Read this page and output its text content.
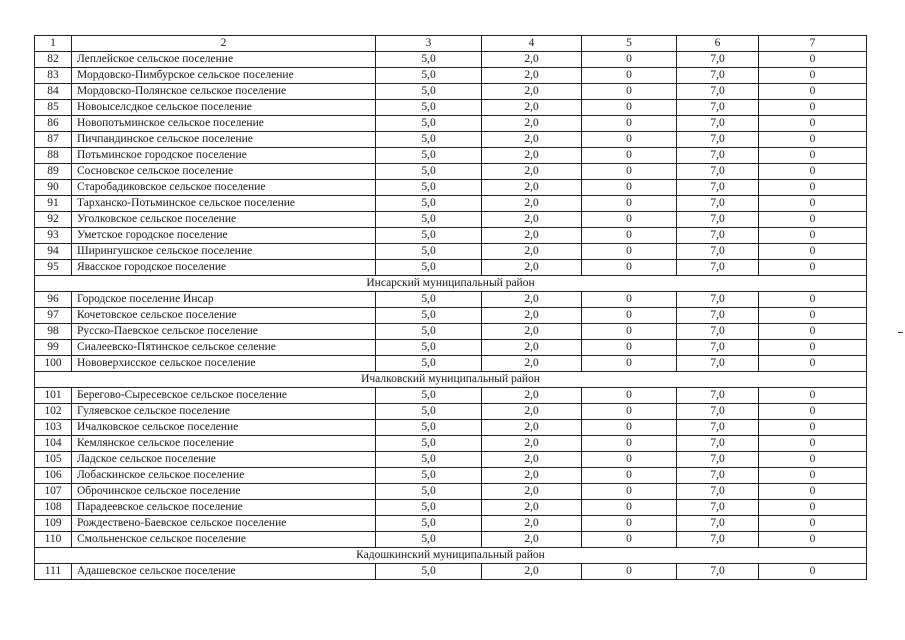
1	2	3	4	5	6	7
82	Леплейское сельское поселение	5,0	2,0	0	7,0	0
83	Мордовско-Пимбурское сельское поселение	5,0	2,0	0	7,0	0
84	Мордовско-Полянское сельское поселение	5,0	2,0	0	7,0	0
85	Новоыселсдкое сельское поселение	5,0	2,0	0	7,0	0
86	Новопотьминское сельское поселение	5,0	2,0	0	7,0	0
87	Пичпандинское сельское поселение	5,0	2,0	0	7,0	0
88	Потьминское городское поселение	5,0	2,0	0	7,0	0
89	Сосновское сельское поселение	5,0	2,0	0	7,0	0
90	Старобадиковское сельское поселение	5,0	2,0	0	7,0	0
91	Тарханско-Потьминское сельское поселение	5,0	2,0	0	7,0	0
92	Уголковское сельское поселение	5,0	2,0	0	7,0	0
93	Уметское городское поселение	5,0	2,0	0	7,0	0
94	Ширингушское сельское поселение	5,0	2,0	0	7,0	0
95	Явасское городское поселение	5,0	2,0	0	7,0	0
Инсарский муниципальный район						
96	Городское поселение Инсар	5,0	2,0	0	7,0	0
97	Кочетовское сельское поселение	5,0	2,0	0	7,0	0
98	Русско-Паевское сельское поселение	5,0	2,0	0	7,0	0
99	Сиалеевско-Пятинское сельское селение	5,0	2,0	0	7,0	0
100	Нововерхисское сельское поселение	5,0	2,0	0	7,0	0
Ичалковский муниципальный район						
101	Берегово-Сыресевское сельское поселение	5,0	2,0	0	7,0	0
102	Гуляевское сельское поселение	5,0	2,0	0	7,0	0
103	Ичалковское сельское поселение	5,0	2,0	0	7,0	0
104	Кемлянское сельское поселение	5,0	2,0	0	7,0	0
105	Ладское сельское поселение	5,0	2,0	0	7,0	0
106	Лобаскинское сельское поселение	5,0	2,0	0	7,0	0
107	Оброчинское сельское поселение	5,0	2,0	0	7,0	0
108	Парадеевское сельское поселение	5,0	2,0	0	7,0	0
109	Рождествено-Баевское сельское поселение	5,0	2,0	0	7,0	0
110	Смольненское сельское поселение	5,0	2,0	0	7,0	0
Кадошкинский муниципальный район						
111	Адашевское сельское поселение	5,0	2,0	0	7,0	0
